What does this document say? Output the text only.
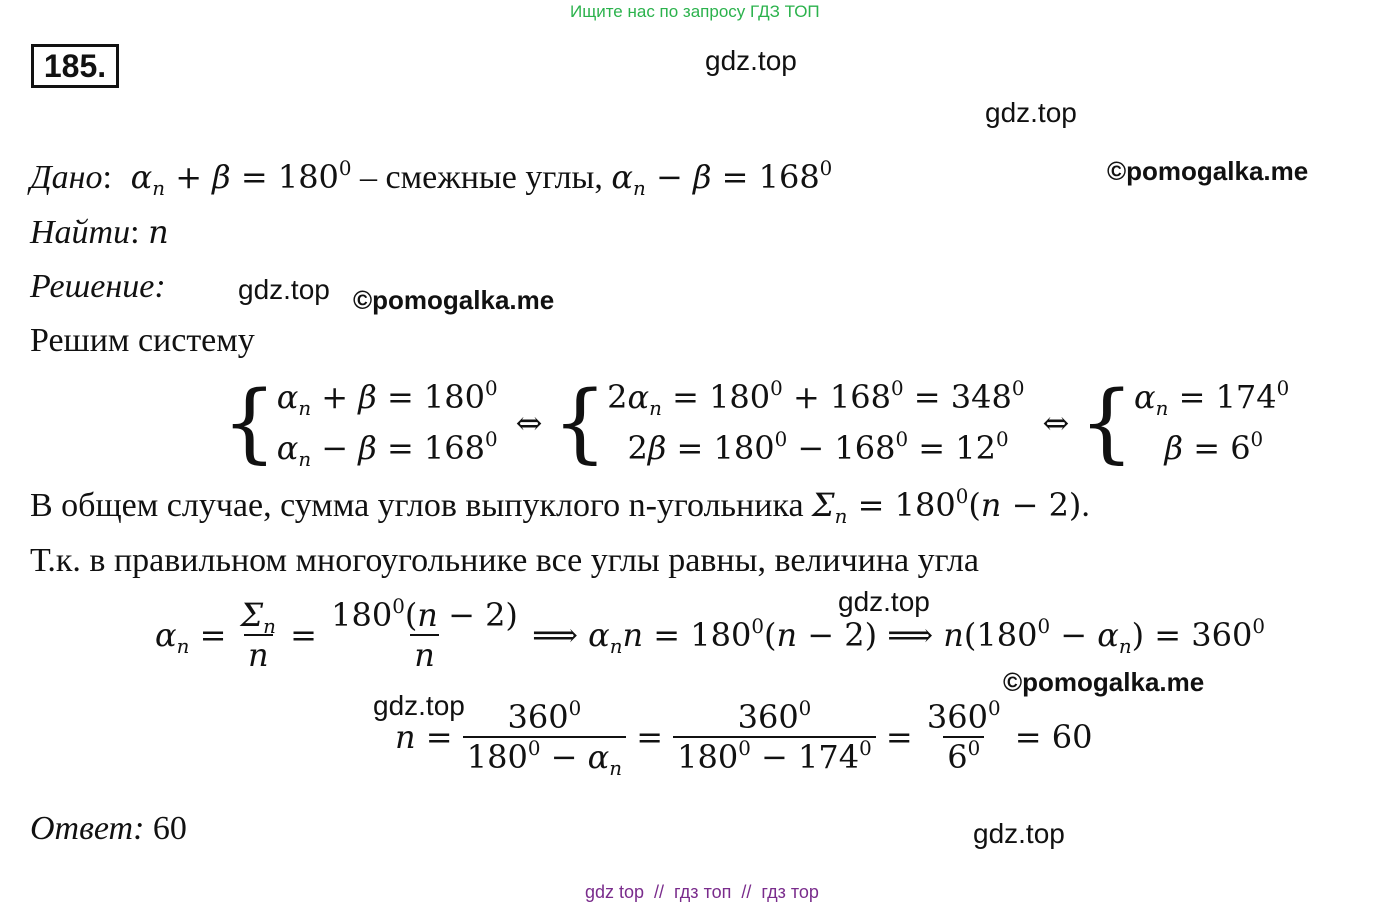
Ищите нас по запросу ГДЗ ТОП
185.	gdz.top
gdz.top
©pomogalka.me
gdz.top ©pomogalka.me
gdz.top
©pomogalka.me
gdz.top
gdz.top
Дано: $\alpha_n + \beta = 180^0$ – смежные углы, $\alpha_n - \beta = 168^0$
Найти: n
Решение:
Решим систему
{ $\alpha_n + \beta = 180^0$
$\alpha_n - \beta = 168^0$ ⇔ { $2\alpha_n = 180^0 + 168^0 = 348^0$
$2\beta = 180^0 - 168^0 = 12^0$	⇔ { $\alpha_n = 174^0$
$\beta = 6^0$
В общем случае, сумма углов выпуклого n-угольника $\Sigma_n = 180^0(n - 2)$.
Т.к. в правильном многоугольнике все углы равны, величина угла
$\alpha_n = \frac{\Sigma_n}{n} = \frac{180^0(n - 2)}{n}$ ⟹ $\alpha_nn = 180^0(n - 2)$ ⟹ $n(180^0 - \alpha_n) = 360^0$
$n = \frac{360^0}{180^0 - \alpha_n} = \frac{360^0}{180^0 - 174^0} = \frac{360^0}{6^0} = 60$
Ответ: 60
gdz top  //  гдз топ  //  гдз тор
